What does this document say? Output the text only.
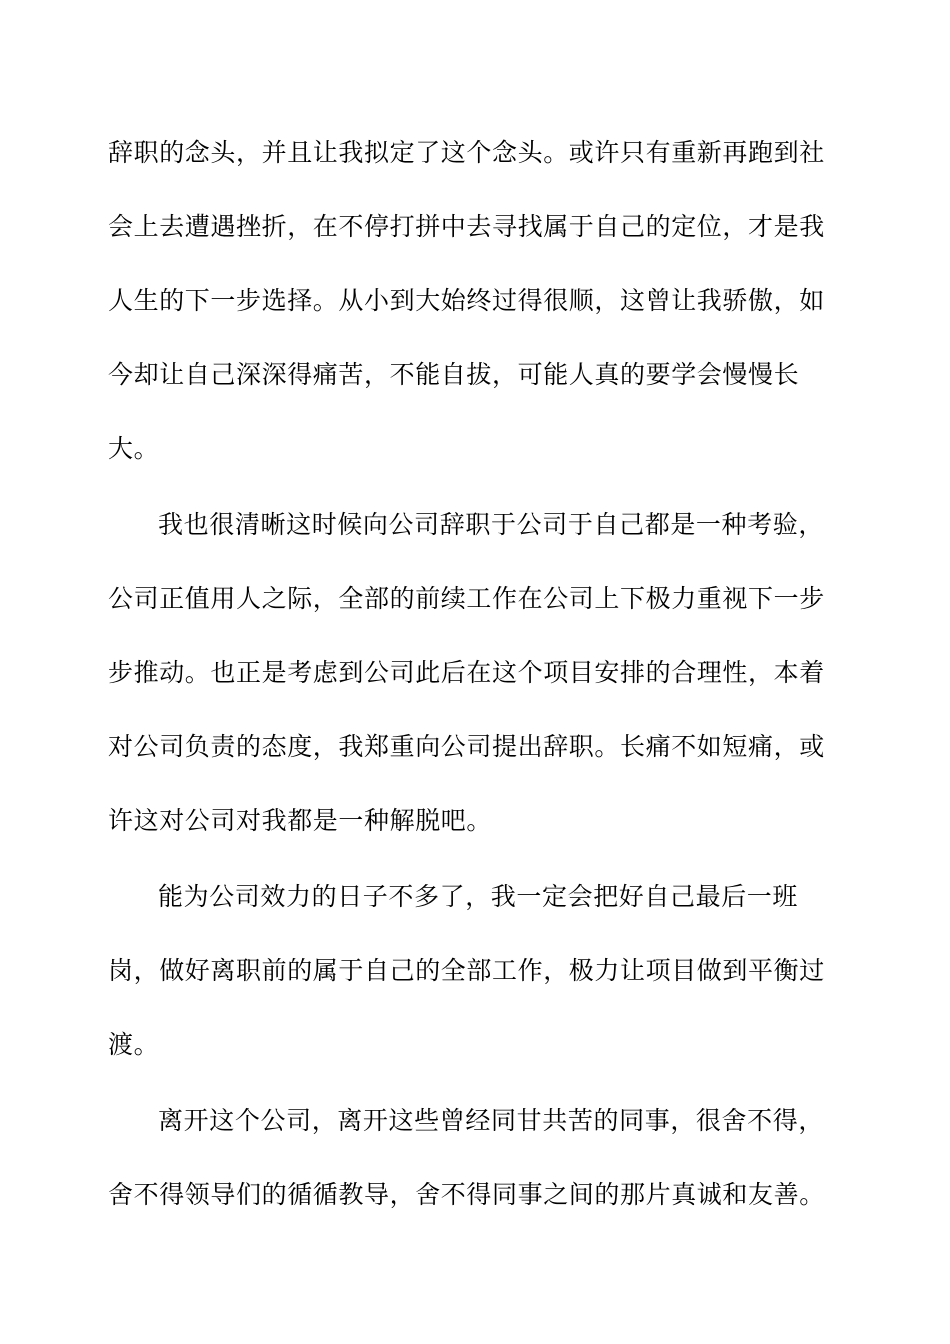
辞职的念头，并且让我拟定了这个念头。或许只有重新再跑到社

会上去遭遇挫折，在不停打拼中去寻找属于自己的定位，才是我

人生的下一步选择。从小到大始终过得很顺，这曾让我骄傲，如

今却让自己深深得痛苦，不能自拔，可能人真的要学会慢慢长

大。

我也很清晰这时候向公司辞职于公司于自己都是一种考验，

公司正值用人之际，全部的前续工作在公司上下极力重视下一步

步推动。也正是考虑到公司此后在这个项目安排的合理性，本着

对公司负责的态度，我郑重向公司提出辞职。长痛不如短痛，或

许这对公司对我都是一种解脱吧。

能为公司效力的日子不多了，我一定会把好自己最后一班

岗，做好离职前的属于自己的全部工作，极力让项目做到平衡过

渡。

离开这个公司，离开这些曾经同甘共苦的同事，很舍不得，

舍不得领导们的循循教导，舍不得同事之间的那片真诚和友善。
